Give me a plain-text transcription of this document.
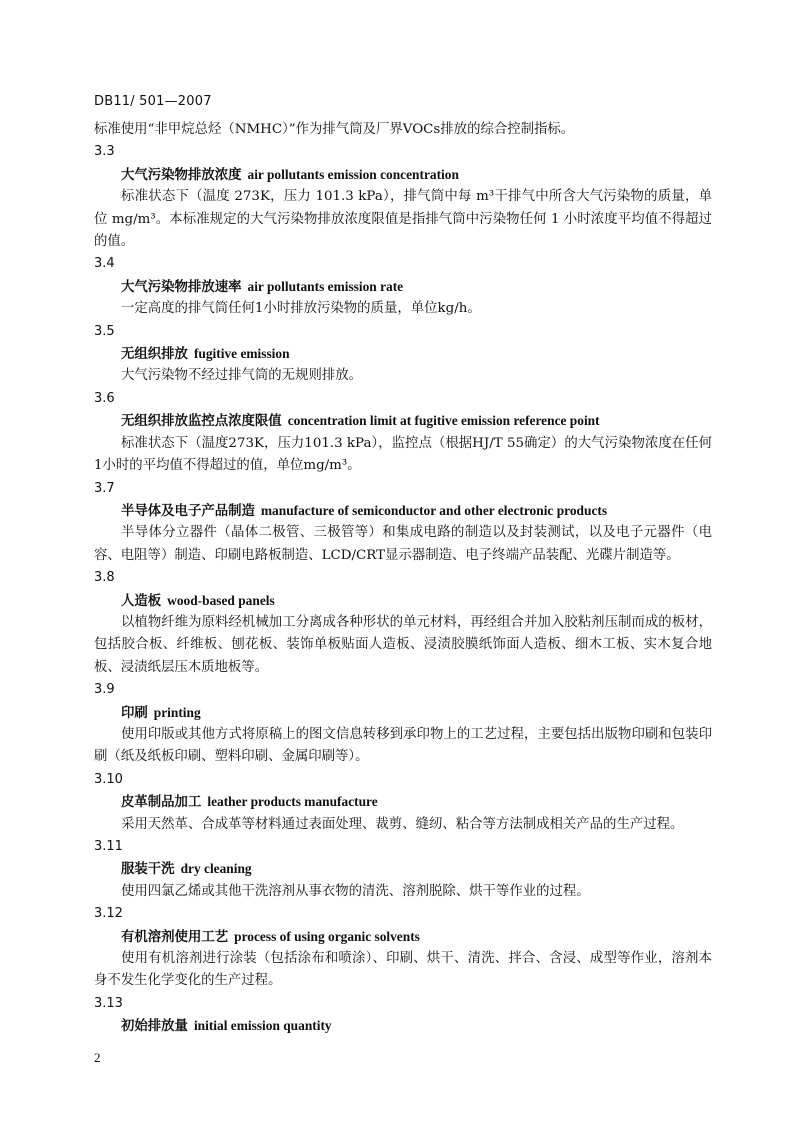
DB11/ 501—2007
标准使用“非甲烷总烃（NMHC）”作为排气筒及厂界VOCs排放的综合控制指标。
3.3
大气污染物排放浓度 air pollutants emission concentration
标准状态下（温度 273K，压力 101.3 kPa），排气筒中每 m³干排气中所含大气污染物的质量，单位 mg/m³。本标准规定的大气污染物排放浓度限值是指排气筒中污染物任何 1 小时浓度平均值不得超过的值。
3.4
大气污染物排放速率 air pollutants emission rate
一定高度的排气筒任何1小时排放污染物的质量，单位kg/h。
3.5
无组织排放 fugitive emission
大气污染物不经过排气筒的无规则排放。
3.6
无组织排放监控点浓度限值 concentration limit at fugitive emission reference point
标准状态下（温度273K，压力101.3 kPa），监控点（根据HJ/T 55确定）的大气污染物浓度在任何1小时的平均值不得超过的值，单位mg/m³。
3.7
半导体及电子产品制造 manufacture of semiconductor and other electronic products
半导体分立器件（晶体二极管、三极管等）和集成电路的制造以及封装测试，以及电子元器件（电容、电阻等）制造、印刷电路板制造、LCD/CRT显示器制造、电子终端产品装配、光碟片制造等。
3.8
人造板 wood-based panels
以植物纤维为原料经机械加工分离成各种形状的单元材料，再经组合并加入胶粘剂压制而成的板材，包括胶合板、纤维板、刨花板、装饰单板贴面人造板、浸渍胶膜纸饰面人造板、细木工板、实木复合地板、浸渍纸层压木质地板等。
3.9
印刷 printing
使用印版或其他方式将原稿上的图文信息转移到承印物上的工艺过程，主要包括出版物印刷和包装印刷（纸及纸板印刷、塑料印刷、金属印刷等）。
3.10
皮革制品加工 leather products manufacture
采用天然革、合成革等材料通过表面处理、裁剪、缝纫、粘合等方法制成相关产品的生产过程。
3.11
服装干洗 dry cleaning
使用四氯乙烯或其他干洗溶剂从事衣物的清洗、溶剂脱除、烘干等作业的过程。
3.12
有机溶剂使用工艺 process of using organic solvents
使用有机溶剂进行涂装（包括涂布和喷涂）、印刷、烘干、清洗、拌合、含浸、成型等作业，溶剂本身不发生化学变化的生产过程。
3.13
初始排放量 initial emission quantity
2
